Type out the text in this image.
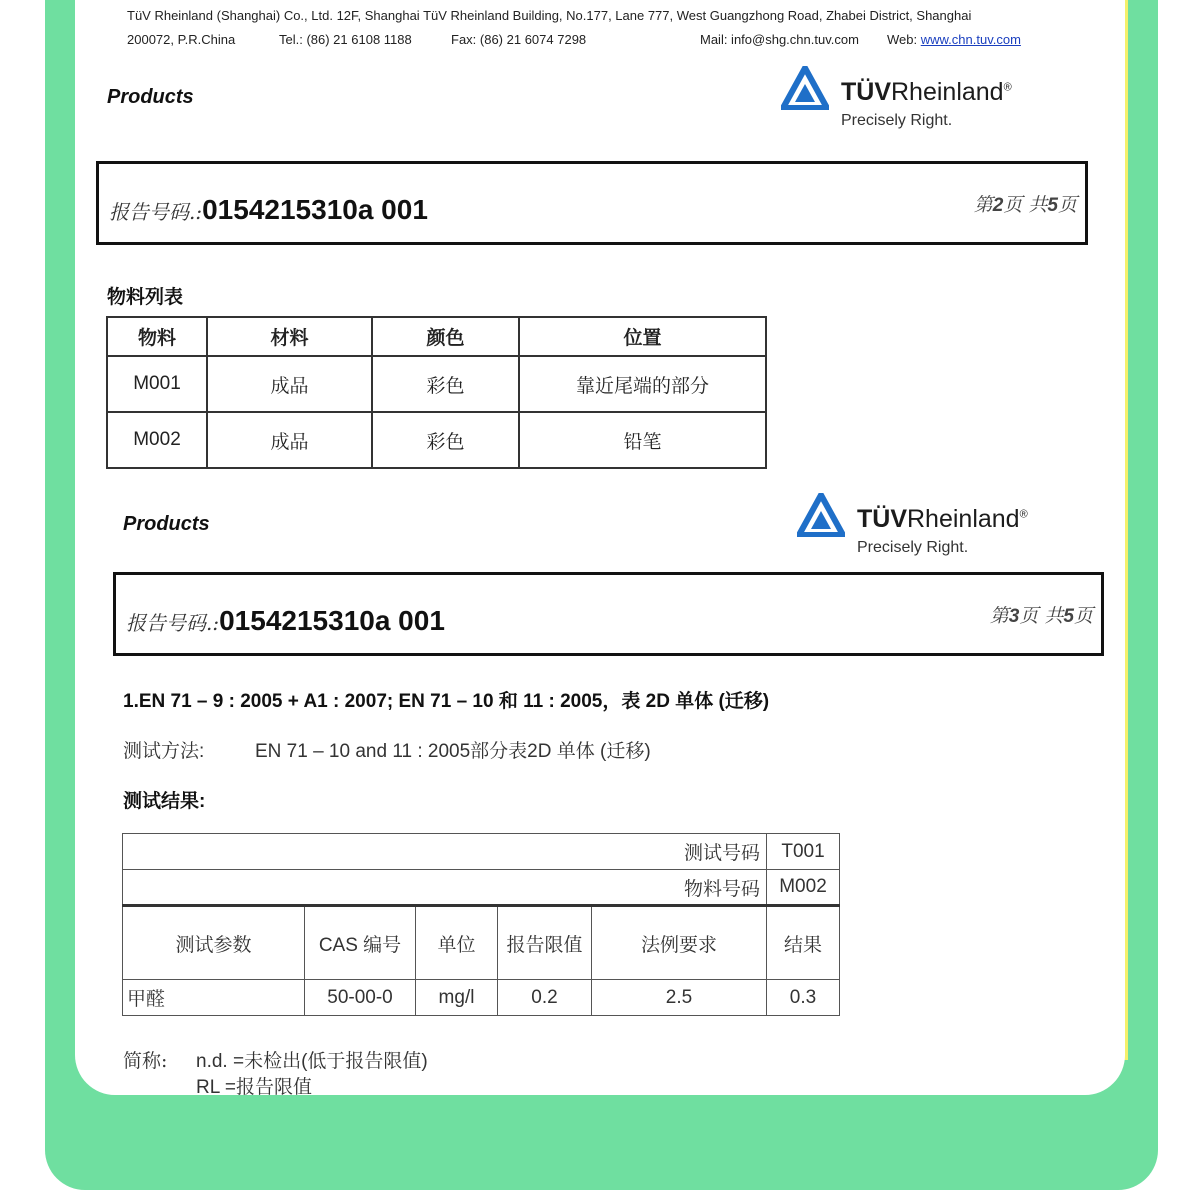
TüV Rheinland (Shanghai) Co., Ltd. 12F, Shanghai TüV Rheinland Building, No.177, Lane 777, West Guangzhong Road, Zhabei District, Shanghai
200072, P.R.China	Tel.: (86) 21 6108 1188	Fax: (86) 21 6074 7298	Mail: info@shg.chn.tuv.com Web: www.chn.tuv.com
Products	TÜVRheinland®
Precisely Right.
报告号码.:0154215310a 001	第2页 共5页
物料列表
物料	材料	颜色	位置
M001	成品	彩色	靠近尾端的部分
M002	成品	彩色	铅笔
Products	TÜVRheinland®
Precisely Right.
报告号码.:0154215310a 001	第3页 共5页
1.EN 71 – 9 : 2005 + A1 : 2007; EN 71 – 10 和 11 : 2005，表 2D 单体 (迁移)
测试方法:	EN 71 – 10 and 11 : 2005部分表2D 单体 (迁移)
测试结果:
测试号码					T001
物料号码					M002
测试参数	CAS 编号	单位	报告限值	法例要求	结果
甲醛	50-00-0	mg/l	0.2	2.5	0.3
简称: n.d. =未检出(低于报告限值)
RL =报告限值
